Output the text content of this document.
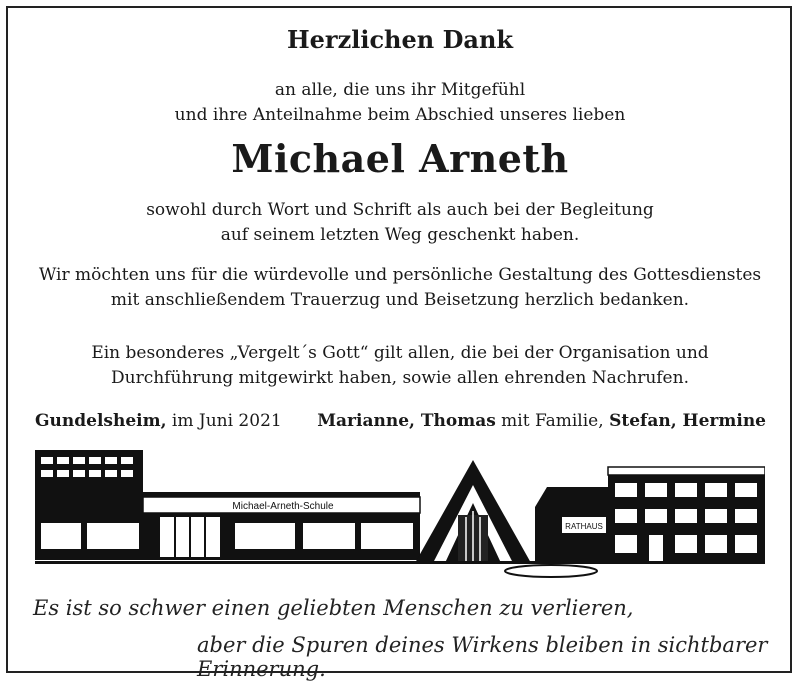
Herzlichen Dank
an alle, die uns ihr Mitgefühl
und ihre Anteilnahme beim Abschied unseres lieben
Michael Arneth
sowohl durch Wort und Schrift als auch bei der Begleitung
auf seinem letzten Weg geschenkt haben.
Wir möchten uns für die würdevolle und persönliche Gestaltung des Gottesdienstes
mit anschließendem Trauerzug und Beisetzung herzlich bedanken.
Ein besonderes „Vergelt´s Gott“ gilt allen, die bei der Organisation und
Durchführung mitgewirkt haben, sowie allen ehrenden Nachrufen.
Gundelsheim, im Juni 2021 Marianne, Thomas mit Familie, Stefan, Hermine
Michael-Arneth-Schule
RATHAUS
Es ist so schwer einen geliebten Menschen zu verlieren,
aber die Spuren deines Wirkens bleiben in sichtbarer Erinnerung.
